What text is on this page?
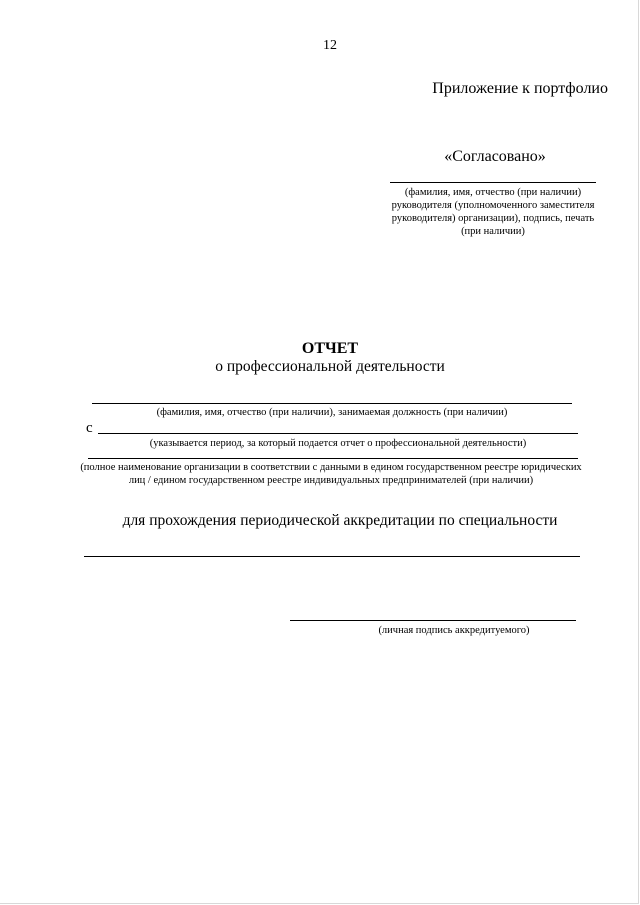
12
Приложение к портфолио
«Согласовано»
(фамилия, имя, отчество (при наличии)
руководителя (уполномоченного заместителя
руководителя) организации), подпись, печать
(при наличии)
ОТЧЕТ
о профессиональной деятельности
(фамилия, имя, отчество (при наличии), занимаемая должность (при наличии)
с
(указывается период, за который подается отчет о профессиональной деятельности)
(полное наименование организации в соответствии с данными в едином государственном реестре юридических
лиц / едином государственном реестре индивидуальных предпринимателей (при наличии)
для прохождения периодической аккредитации по специальности
(личная подпись аккредитуемого)
